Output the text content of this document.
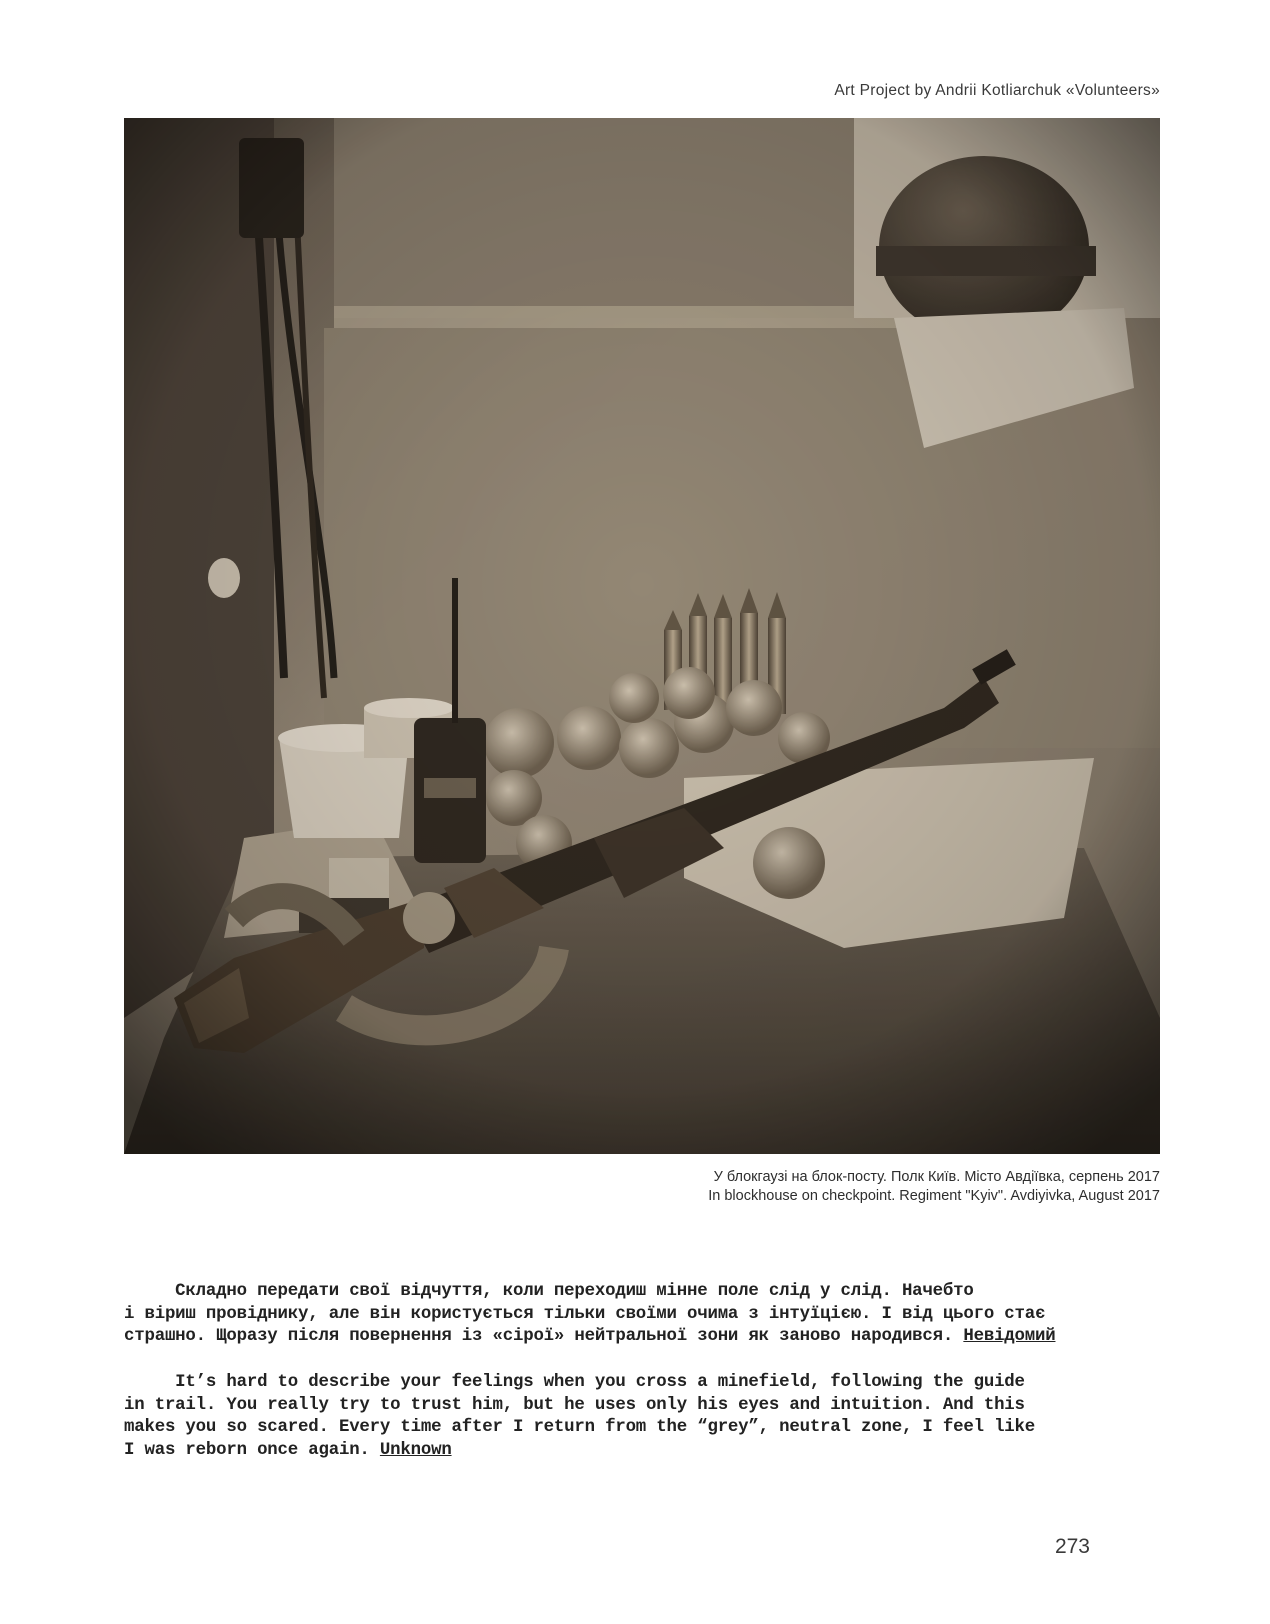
Art Project by Andrii Kotliarchuk «Volunteers»
У блокгаузі на блок-посту. Полк Київ. Місто Авдіївка, серпень 2017
In blockhouse on checkpoint. Regiment "Kyiv". Avdiyivka, August 2017
Складно передати свої відчуття, коли переходиш мінне поле слід у слід. Начебто
і віриш провіднику, але він користується тільки своїми очима з інтуїцією. І від цього стає
страшно. Щоразу після повернення із «сірої» нейтральної зони як заново народився. Невідомий
It’s hard to describe your feelings when you cross a minefield, following the guide
in trail. You really try to trust him, but he uses only his eyes and intuition. And this
makes you so scared. Every time after I return from the “grey”, neutral zone, I feel like
I was reborn once again. Unknown
273
